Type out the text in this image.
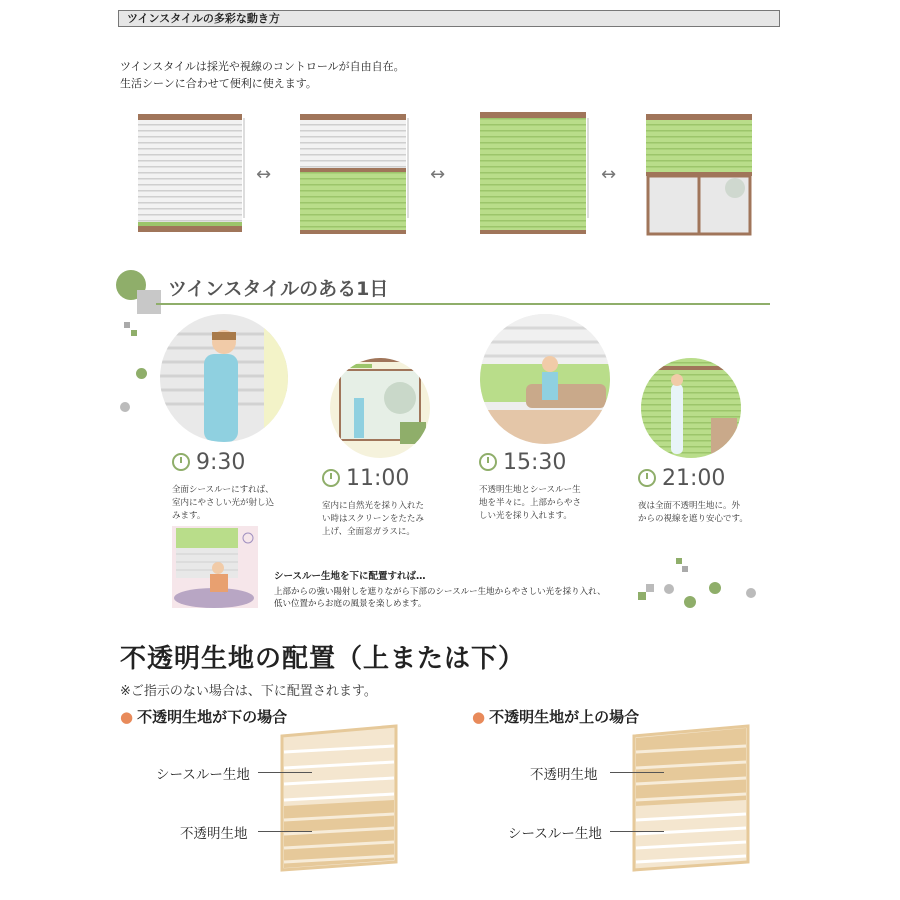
ツインスタイルの多彩な動き方
ツインスタイルは採光や視線のコントロールが自由自在。
生活シーンに合わせて便利に使えます。
↔	↔	↔
ツインスタイルのある1日
9:30
11:00
15:30
21:00
全面シースルーにすれば、
室内にやさしい光が射し込
みます。
室内に自然光を採り入れた
い時はスクリーンをたたみ
上げ、全面窓ガラスに。
不透明生地とシースルー生
地を半々に。上部からやさ
しい光を採り入れます。
夜は全面不透明生地に。外
からの視線を遮り安心です。
シースルー生地を下に配置すれば…
上部からの強い陽射しを遮りながら下部のシースルー生地からやさしい光を採り入れ、
低い位置からお庭の風景を楽しめます。
不透明生地の配置（上または下）
※ご指示のない場合は、下に配置されます。
● 不透明生地が下の場合	● 不透明生地が上の場合
シースルー生地
不透明生地
不透明生地
シースルー生地
